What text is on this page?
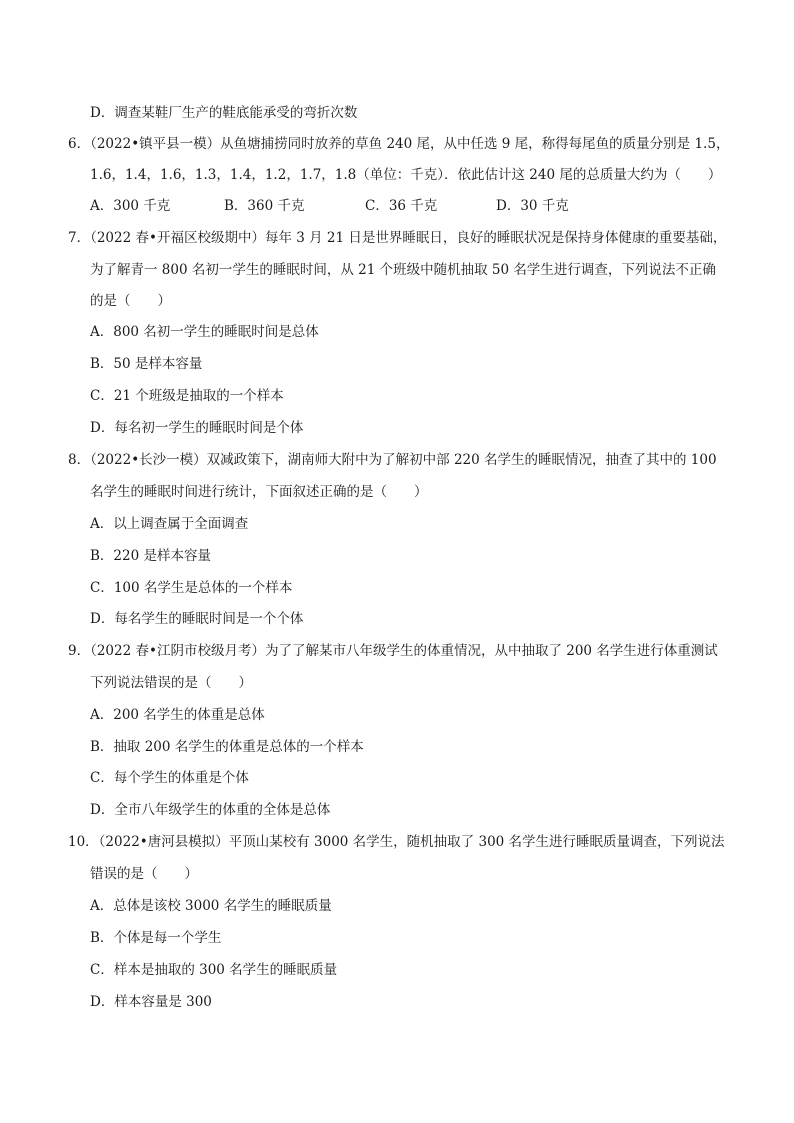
D．调查某鞋厂生产的鞋底能承受的弯折次数
6．（2022•镇平县一模）从鱼塘捕捞同时放养的草鱼 240 尾，从中任选 9 尾，称得每尾鱼的质量分别是 1.5，
1.6，1.4，1.6，1.3，1.4，1.2，1.7，1.8（单位：千克）．依此估计这 240 尾的总质量大约为（　　）
A．300 千克	B．360 千克	C．36 千克	D．30 千克
7．（2022 春•开福区校级期中）每年 3 月 21 日是世界睡眠日，良好的睡眠状况是保持身体健康的重要基础，
为了解青一 800 名初一学生的睡眠时间，从 21 个班级中随机抽取 50 名学生进行调查，下列说法不正确
的是（　　）
A．800 名初一学生的睡眠时间是总体
B．50 是样本容量
C．21 个班级是抽取的一个样本
D．每名初一学生的睡眠时间是个体
8．（2022•长沙一模）双减政策下，湖南师大附中为了解初中部 220 名学生的睡眠情况，抽查了其中的 100
名学生的睡眠时间进行统计，下面叙述正确的是（　　）
A．以上调查属于全面调查
B．220 是样本容量
C．100 名学生是总体的一个样本
D．每名学生的睡眠时间是一个个体
9．（2022 春•江阴市校级月考）为了了解某市八年级学生的体重情况，从中抽取了 200 名学生进行体重测试
下列说法错误的是（　　）
A．200 名学生的体重是总体
B．抽取 200 名学生的体重是总体的一个样本
C．每个学生的体重是个体
D．全市八年级学生的体重的全体是总体
10．（2022•唐河县模拟）平顶山某校有 3000 名学生，随机抽取了 300 名学生进行睡眠质量调查，下列说法
错误的是（　　）
A．总体是该校 3000 名学生的睡眠质量
B．个体是每一个学生
C．样本是抽取的 300 名学生的睡眠质量
D．样本容量是 300
